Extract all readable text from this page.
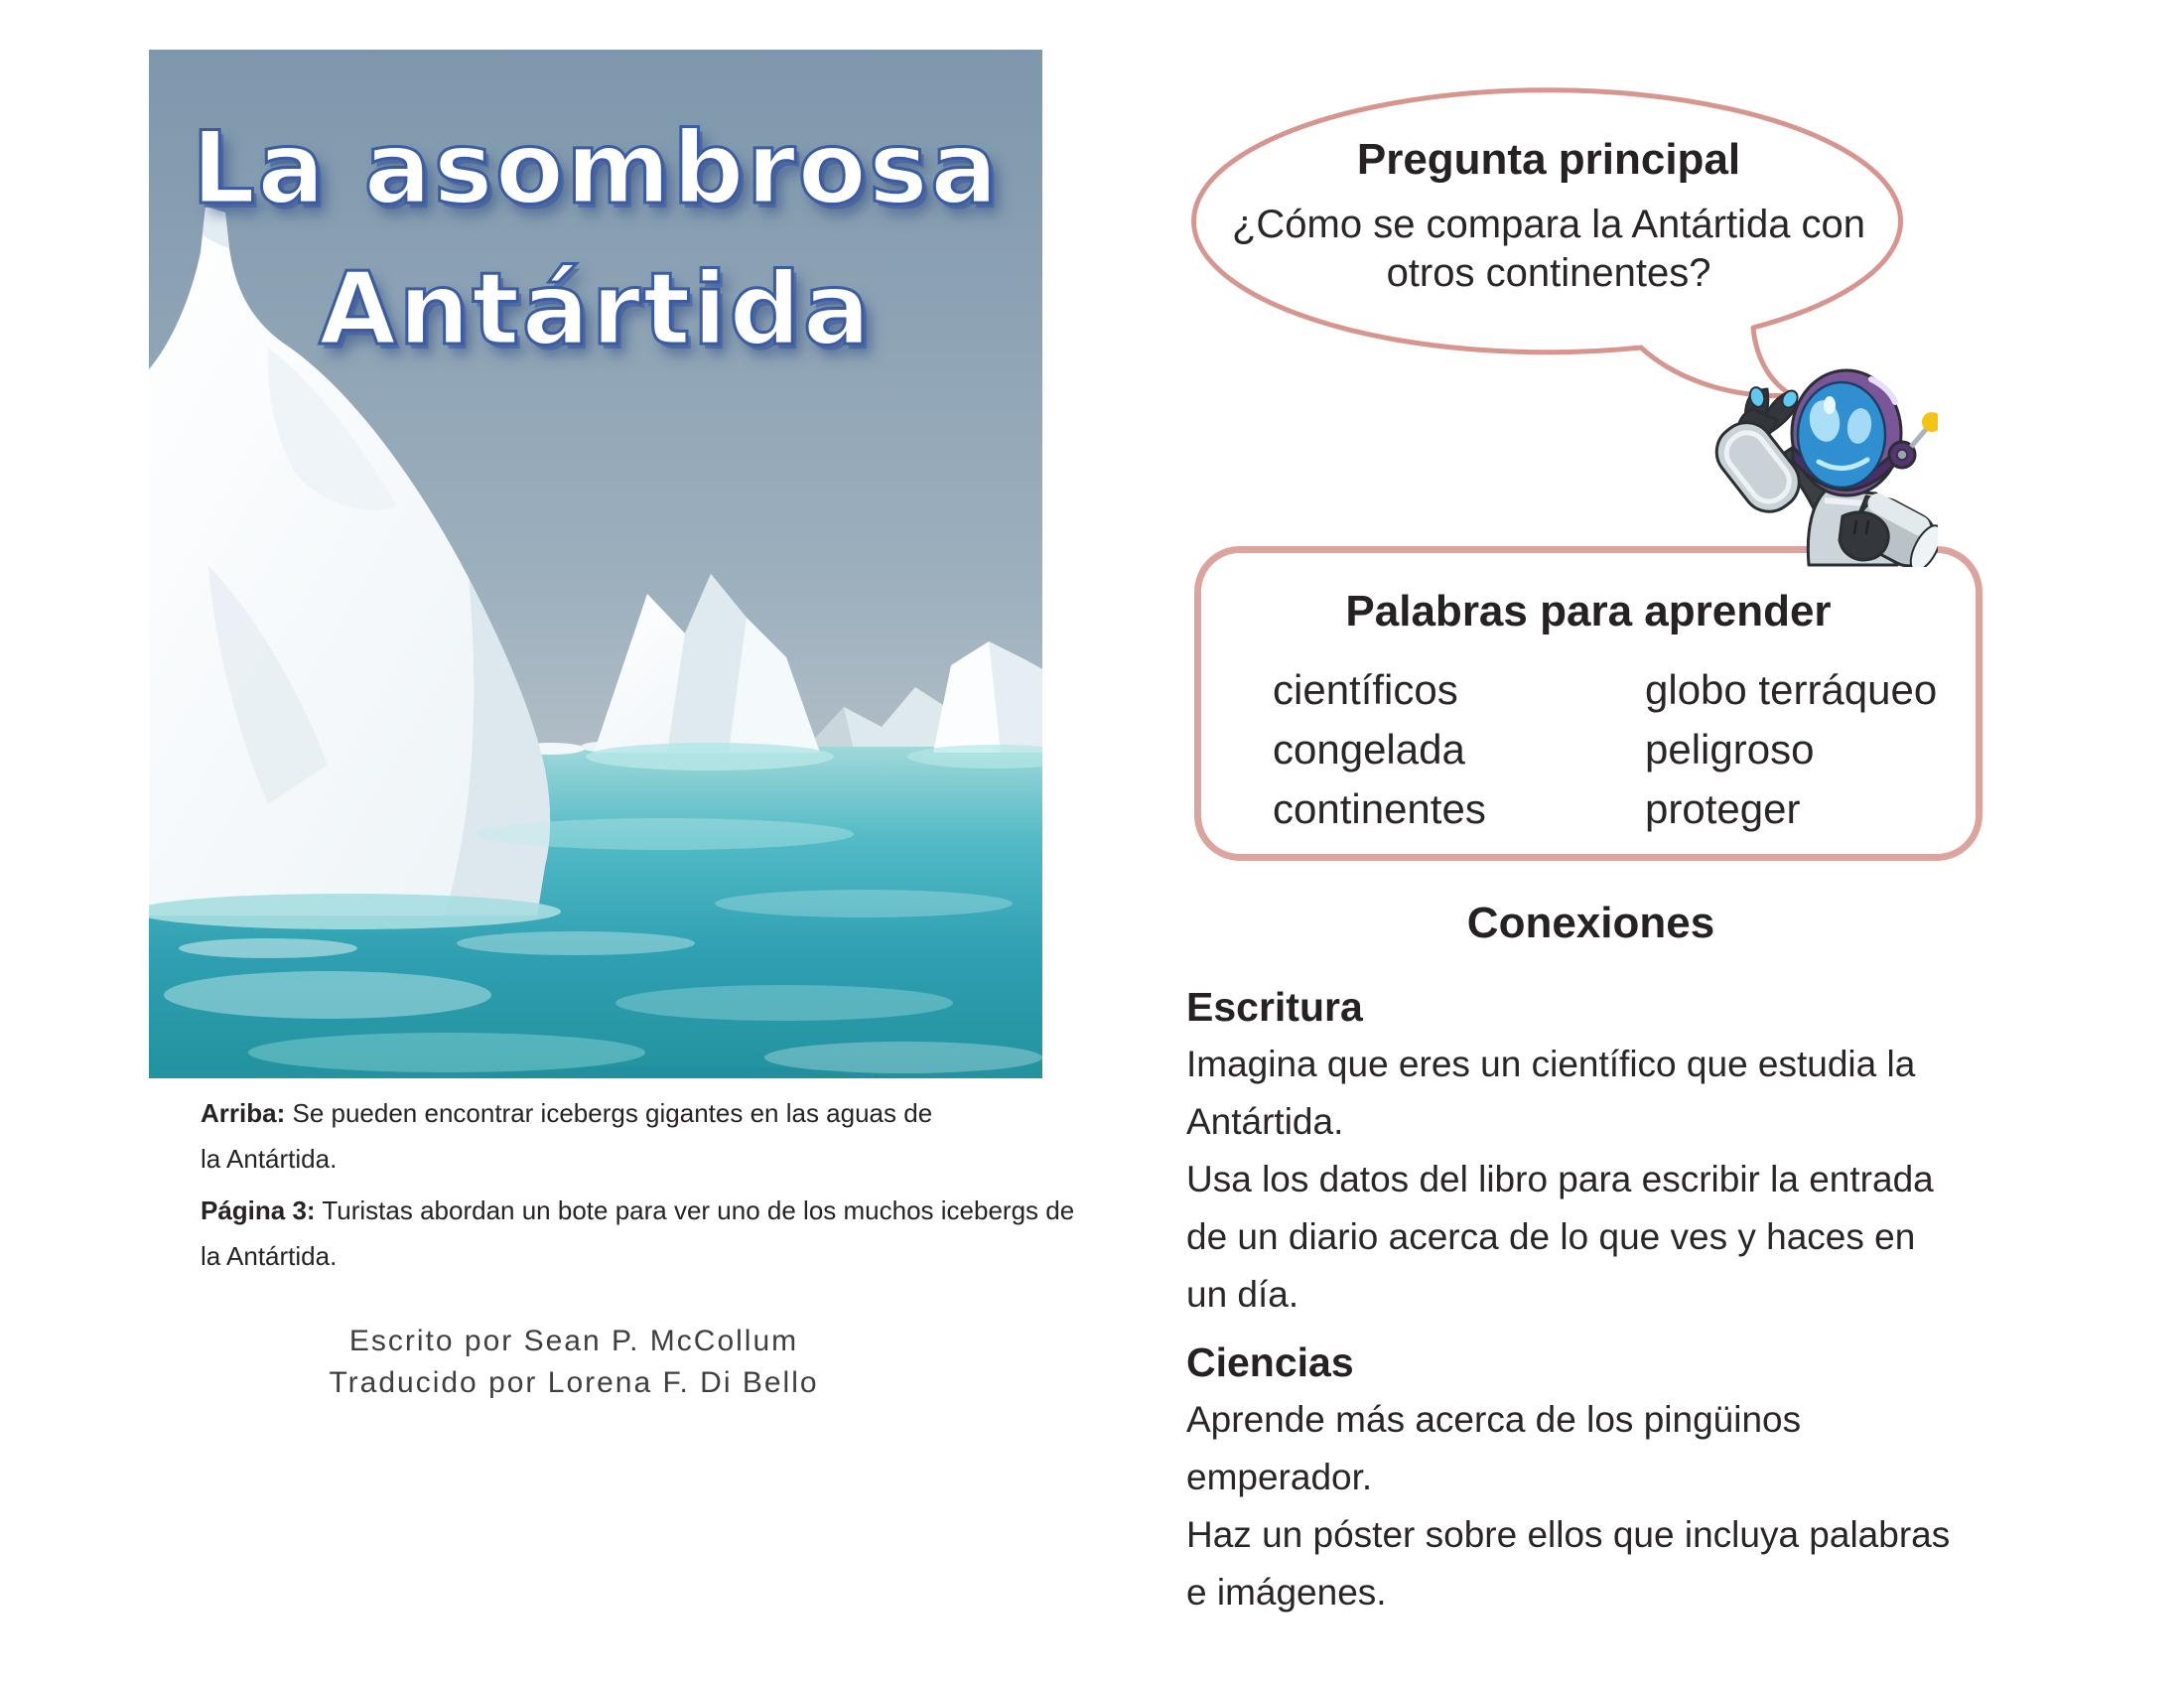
La asombrosa
Antártida

Arriba: Se pueden encontrar icebergs gigantes en las aguas de
la Antártida.

Página 3: Turistas abordan un bote para ver uno de los muchos icebergs de
la Antártida.

Escrito por Sean P. McCollum
Traducido por Lorena F. Di Bello

Pregunta principal

¿Cómo se compara la Antártida con
otros continentes?

Palabras para aprender

científicos	globo terráqueo
congelada	peligroso
continentes	proteger

Conexiones

Escritura

Imagina que eres un científico que estudia la
Antártida.
Usa los datos del libro para escribir la entrada
de un diario acerca de lo que ves y haces en
un día.

Ciencias

Aprende más acerca de los pingüinos
emperador.
Haz un póster sobre ellos que incluya palabras
e imágenes.
